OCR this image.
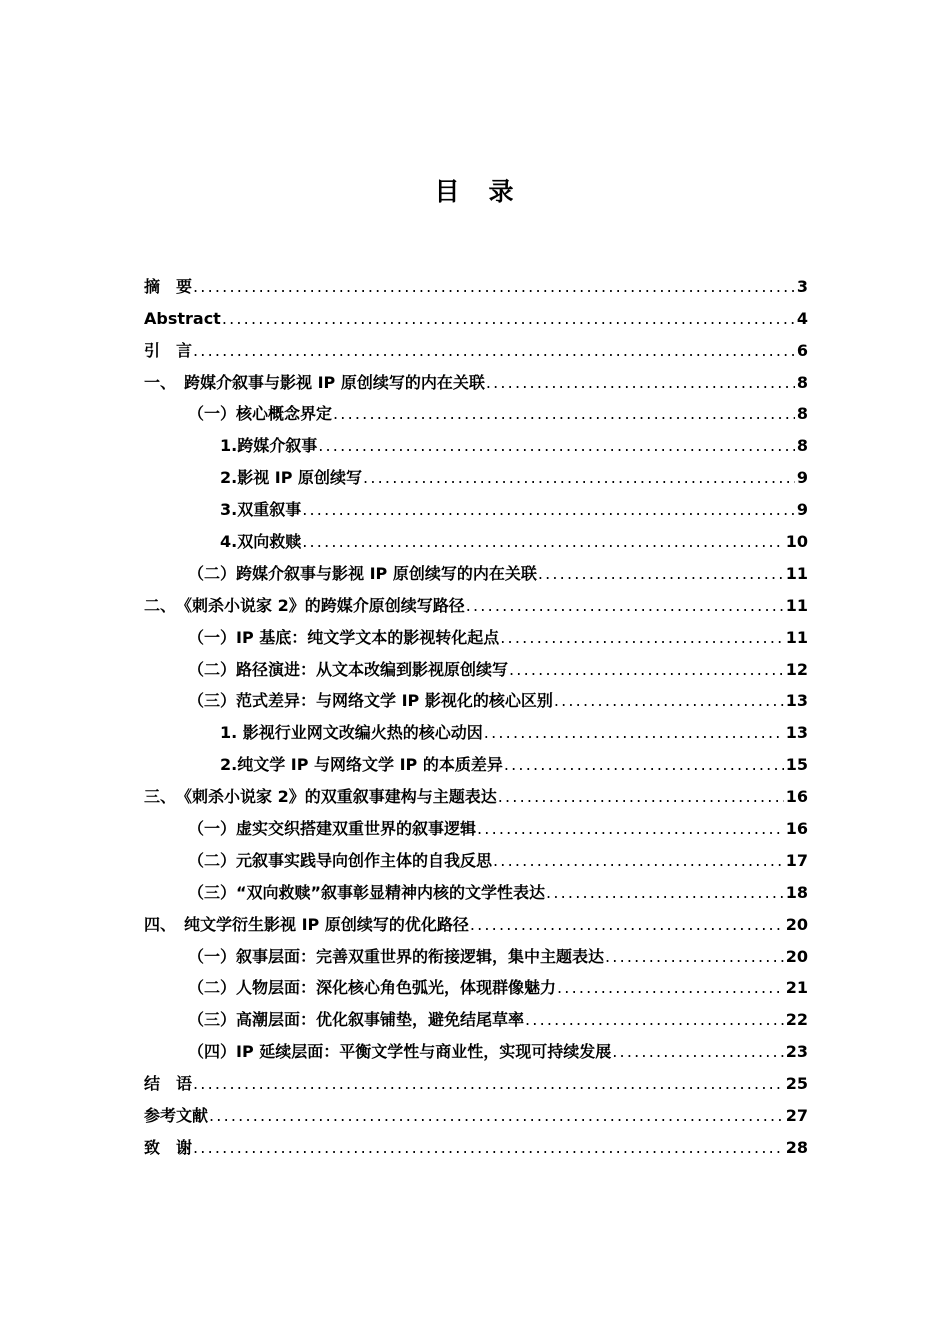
目　录
摘　要 .....	3
Abstract .....	4
引　言 .....	6
一、　跨媒介叙事与影视 IP 原创续写的内在关联 .....	8
（一）核心概念界定 .....	8
1.跨媒介叙事 .....	8
2.影视 IP 原创续写 .....	9
3.双重叙事 .....	9
4.双向救赎 .....	10
（二）跨媒介叙事与影视 IP 原创续写的内在关联 .....	11
二、　《刺杀小说家 2》的跨媒介原创续写路径 .....	11
（一）IP 基底：纯文学文本的影视转化起点 .....	11
（二）路径演进：从文本改编到影视原创续写 .....	12
（三）范式差异：与网络文学 IP 影视化的核心区别 .....	13
1. 影视行业网文改编火热的核心动因 .....	13
2.纯文学 IP 与网络文学 IP 的本质差异 .....	15
三、　《刺杀小说家 2》的双重叙事建构与主题表达 .....	16
（一）虚实交织搭建双重世界的叙事逻辑 .....	16
（二）元叙事实践导向创作主体的自我反思 .....	17
（三）“双向救赎”叙事彰显精神内核的文学性表达 .....	18
四、　纯文学衍生影视 IP 原创续写的优化路径 .....	20
（一）叙事层面：完善双重世界的衔接逻辑，集中主题表达 .....	20
（二）人物层面：深化核心角色弧光，体现群像魅力 .....	21
（三）高潮层面：优化叙事铺垫，避免结尾草率 .....	22
（四）IP 延续层面：平衡文学性与商业性，实现可持续发展 .....	23
结　语 .....	25
参考文献 .....	27
致　谢 .....	28
